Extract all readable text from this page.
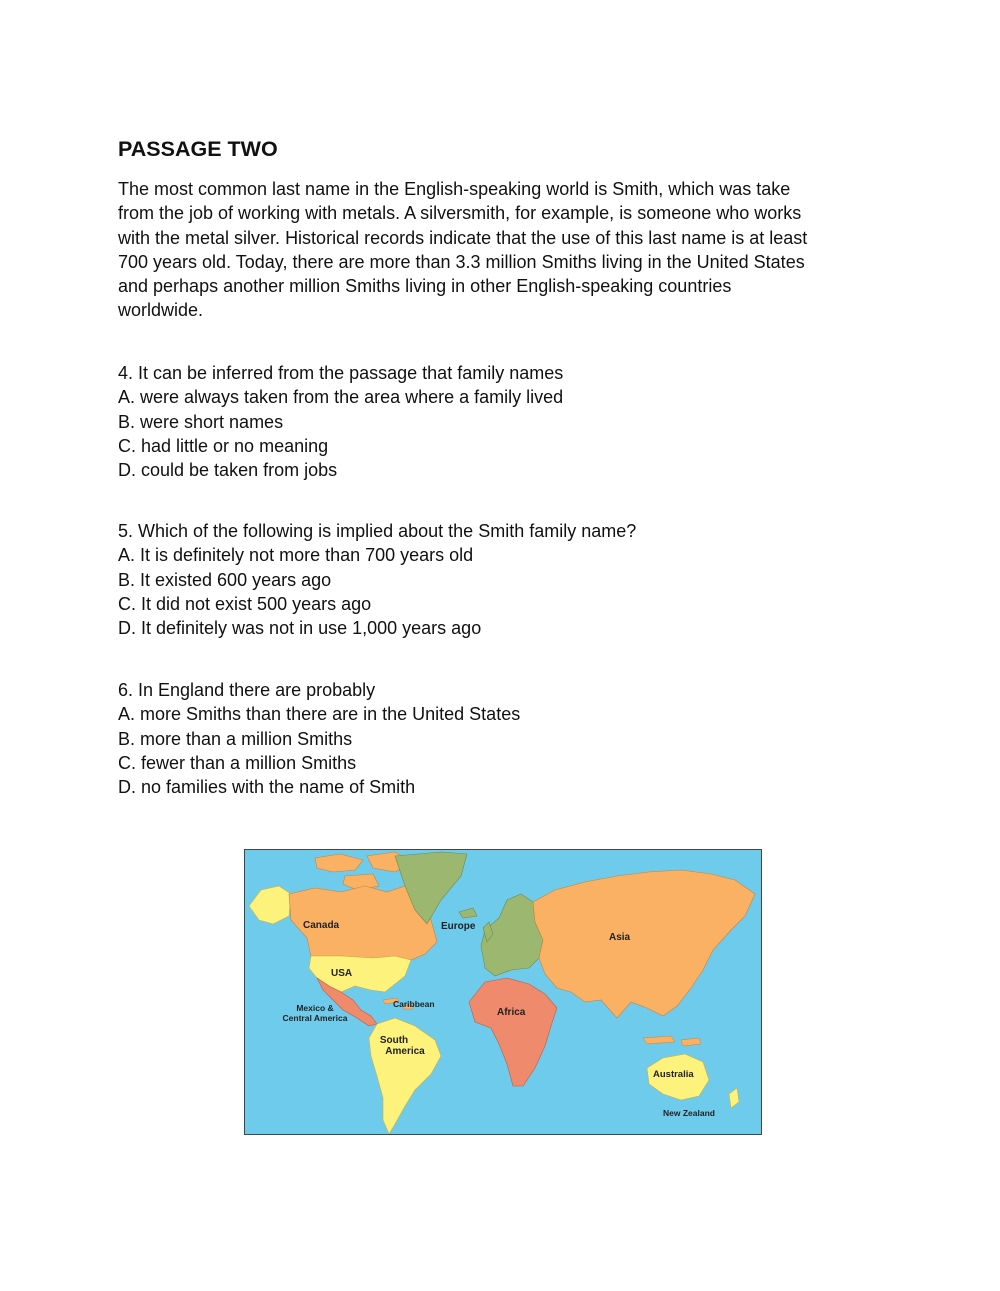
PASSAGE TWO

The most common last name in the English-speaking world is Smith, which was take
from the job of working with metals. A silversmith, for example, is someone who works
with the metal silver. Historical records indicate that the use of this last name is at least
700 years old. Today, there are more than 3.3 million Smiths living in the United States
and perhaps another million Smiths living in other English-speaking countries
worldwide.

4. It can be inferred from the passage that family names
A. were always taken from the area where a family lived
B. were short names
C. had little or no meaning
D. could be taken from jobs
5. Which of the following is implied about the Smith family name?
A. It is definitely not more than 700 years old
B. It existed 600 years ago
C. It did not exist 500 years ago
D. It definitely was not in use 1,000 years ago
6. In England there are probably
A. more Smiths than there are in the United States
B. more than a million Smiths
C. fewer than a million Smiths
D. no families with the name of Smith
Canada
USA
Mexico &
Central America
Caribbean
South
America
Europe
Africa
Asia
Australia
New Zealand
